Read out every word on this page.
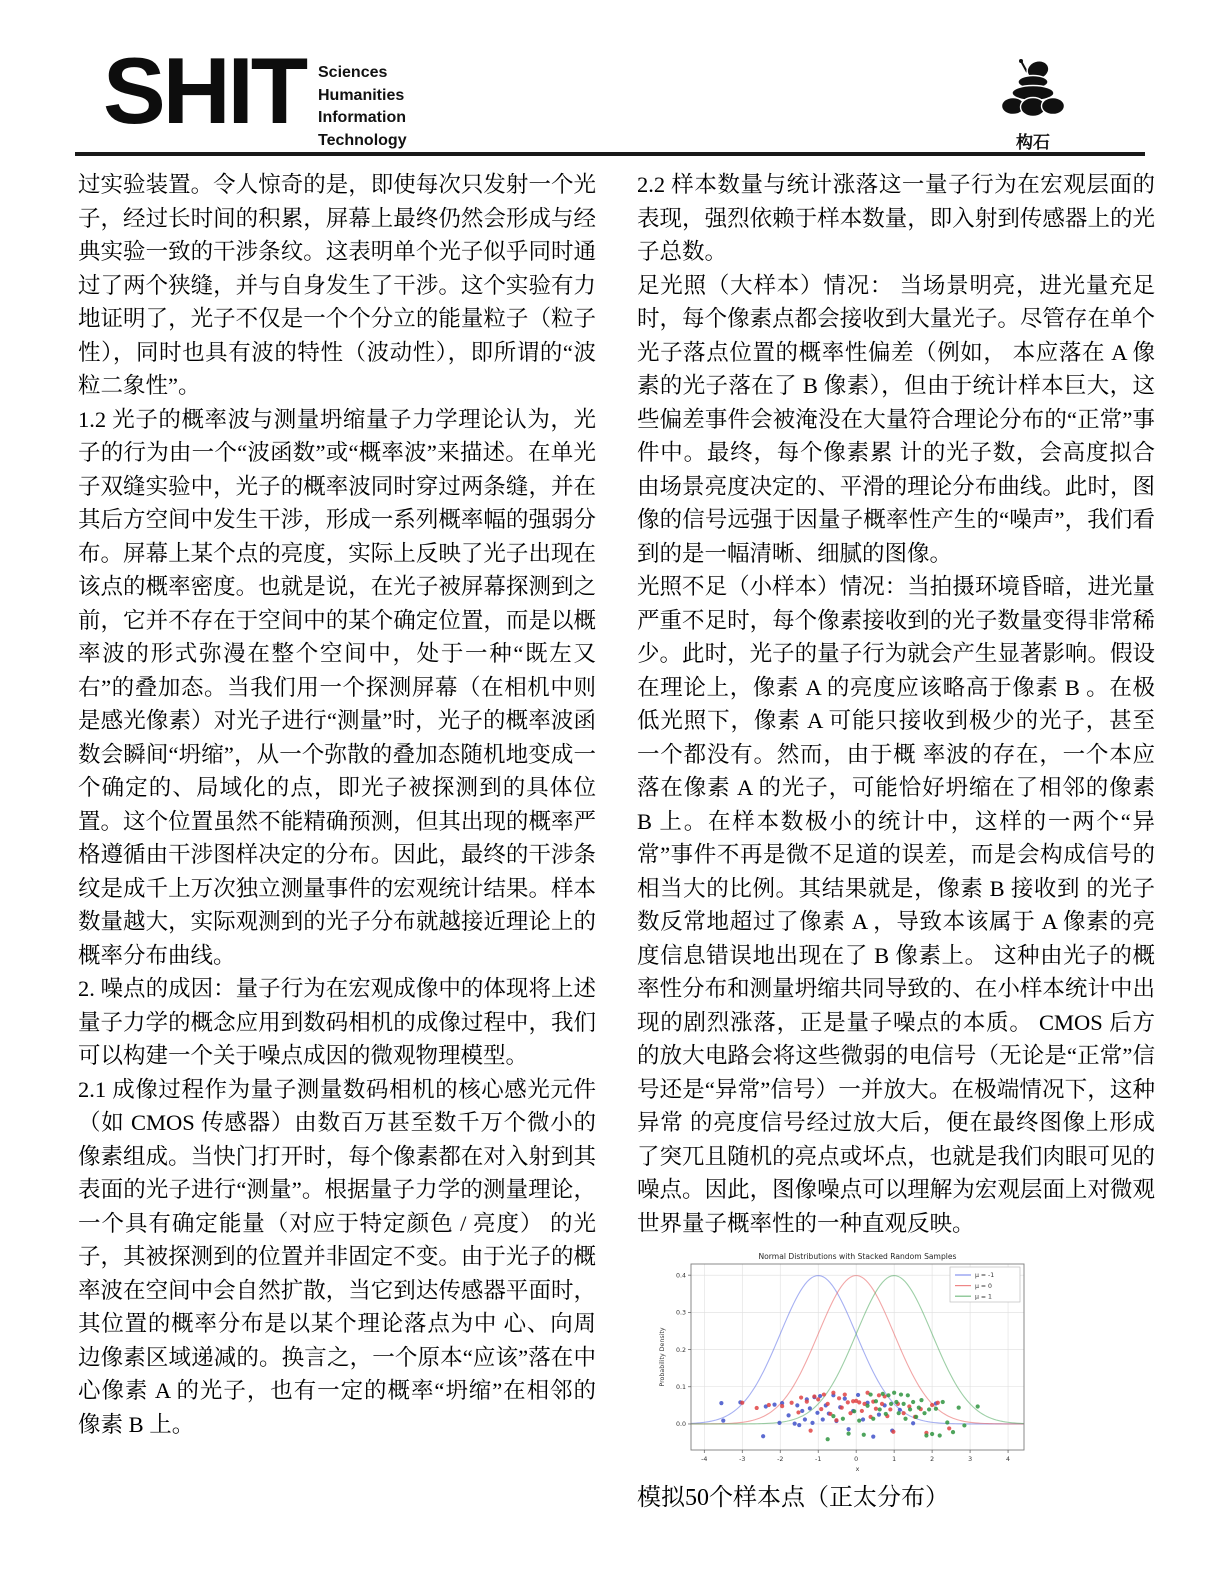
SHIT Sciences
Humanities
Information
Technology	构石

过实验装置。令人惊奇的是，即使每次只发射一个光子，经过长时间的积累，屏幕上最终仍然会形成与经典实验一致的干涉条纹。这表明单个光子似乎同时通过了两个狭缝，并与自身发生了干涉。这个实验有力地证明了，光子不仅是一个个分立的能量粒子（粒子性），同时也具有波的特性（波动性），即所谓的“波 粒二象性”。

1.2 光子的概率波与测量坍缩量子力学理论认为，光子的行为由一个“波函数”或“概率波”来描述。在单光子双缝实验中，光子的概率波同时穿过两条缝，并在其后方空间中发生干涉，形成一系列概率幅的强弱分布。屏幕上某个点的亮度，实际上反映了光子出现在该点的概率密度。也就是说，在光子被屏幕探测到之前，它并不存在于空间中的某个确定位置，而是以概率波的形式弥漫在整个空间中，处于一种“既左又右”的叠加态。当我们用一个探测屏幕（在相机中则是感光像素）对光子进行“测量”时，光子的概率波函数会瞬间“坍缩”，从一个弥散的叠加态随机地变成一个确定的、局域化的点，即光子被探测到的具体位置。这个位置虽然不能精确预测，但其出现的概率严格遵循由干涉图样决定的分布。因此，最终的干涉条 纹是成千上万次独立测量事件的宏观统计结果。样本数量越大，实际观测到的光子分布就越接近理论上的概率分布曲线。

2. 噪点的成因：量子行为在宏观成像中的体现将上述量子力学的概念应用到数码相机的成像过程中，我们可以构建一个关于噪点成因的微观物理模型。

2.1 成像过程作为量子测量数码相机的核心感光元件（如 CMOS 传感器）由数百万甚至数千万个微小的像素组成。当快门打开时，每个像素都在对入射到其表面的光子进行“测量”。根据量子力学的测量理论，一个具有确定能量（对应于特定颜色 / 亮度） 的光子，其被探测到的位置并非固定不变。由于光子的概率波在空间中会自然扩散，当它到达传感器平面时，其位置的概率分布是以某个理论落点为中 心、向周边像素区域递减的。换言之，一个原本“应该”落在中心像素 A 的光子，也有一定的概率“坍缩”在相邻的像素 B 上。

2.2 样本数量与统计涨落这一量子行为在宏观层面的表现，强烈依赖于样本数量，即入射到传感器上的光子总数。

足光照（大样本）情况： 当场景明亮，进光量充足时，每个像素点都会接收到大量光子。尽管存在单个光子落点位置的概率性偏差（例如， 本应落在 A 像素的光子落在了 B 像素），但由于统计样本巨大，这些偏差事件会被淹没在大量符合理论分布的“正常”事件中。最终，每个像素累 计的光子数，会高度拟合由场景亮度决定的、平滑的理论分布曲线。此时，图像的信号远强于因量子概率性产生的“噪声”，我们看到的是一幅清晰、细腻的图像。

光照不足（小样本）情况：当拍摄环境昏暗，进光量严重不足时，每个像素接收到的光子数量变得非常稀少。此时，光子的量子行为就会产生显著影响。假设在理论上，像素 A 的亮度应该略高于像素 B 。在极低光照下，像素 A 可能只接收到极少的光子，甚至一个都没有。然而，由于概 率波的存在，一个本应落在像素 A 的光子，可能恰好坍缩在了相邻的像素 B 上。在样本数极小的统计中，这样的一两个“异常”事件不再是微不足道的误差，而是会构成信号的相当大的比例。其结果就是，像素 B 接收到 的光子数反常地超过了像素 A ，导致本该属于 A 像素的亮度信息错误地出现在了 B 像素上。 这种由光子的概率性分布和测量坍缩共同导致的、在小样本统计中出现的剧烈涨落，正是量子噪点的本质。 CMOS 后方的放大电路会将这些微弱的电信号（无论是“正常”信号还是“异常”信号）一并放大。在极端情况下，这种异常 的亮度信号经过放大后，便在最终图像上形成了突兀且随机的亮点或坏点，也就是我们肉眼可见的噪点。因此，图像噪点可以理解为宏观层面上对微观世界量子概率性的一种直观反映。

-4	-3	-2	-1	0	1	2	3	4
0.0
0.1
0.2
0.3
0.4
Normal Distributions with Stacked Random Samples
x
Probability Density
μ = -1
μ = 0
μ = 1

模拟50个样本点（正太分布）
